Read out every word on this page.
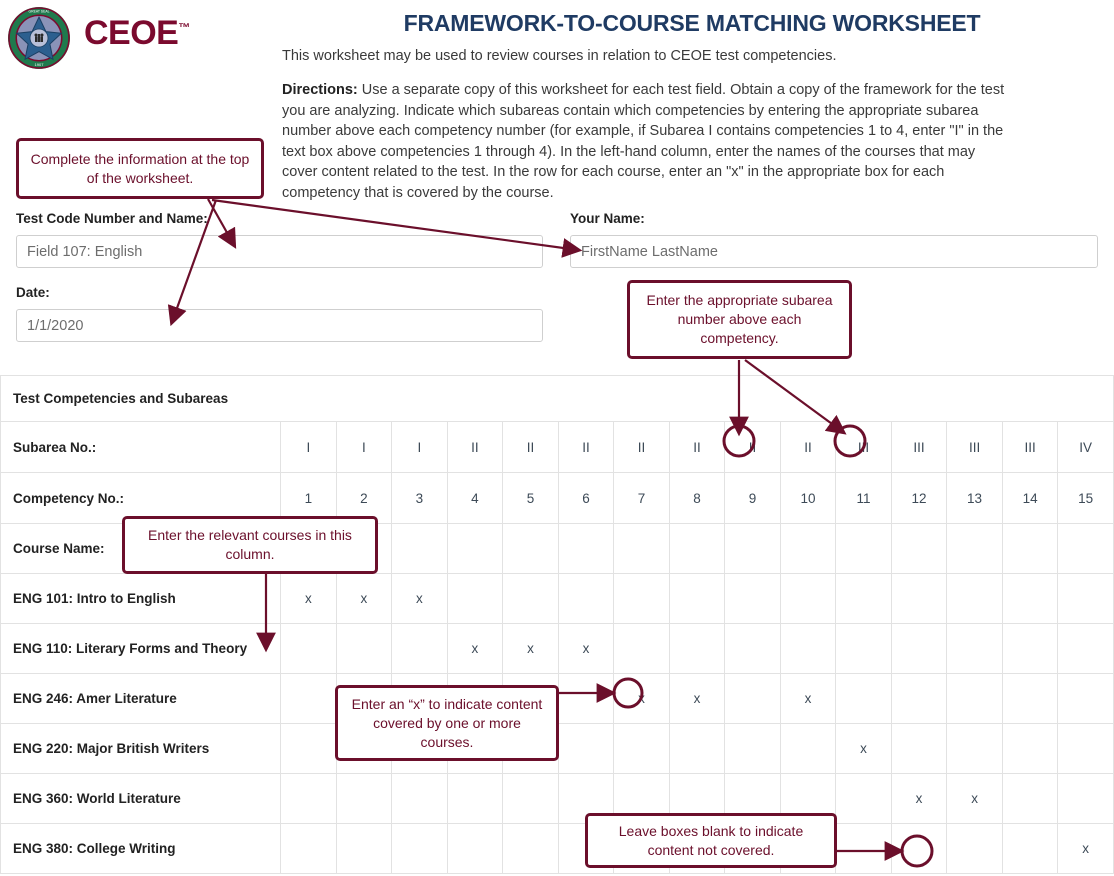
GREAT SEAL
1907
CEOE™	FRAMEWORK-TO-COURSE MATCHING WORKSHEET
This worksheet may be used to review courses in relation to CEOE test competencies.
Directions: Use a separate copy of this worksheet for each test field. Obtain a copy of the framework for the test you are analyzing. Indicate which subareas contain which competencies by entering the appropriate subarea number above each competency number (for example, if Subarea I contains competencies 1 to 4, enter "I" in the text box above competencies 1 through 4). In the left-hand column, enter the names of the courses that may cover content related to the test. In the row for each course, enter an "x" in the appropriate box for each competency that is covered by the course.
Test Code Number and Name:
Field 107: English	Your Name:
FirstName LastName
Date:
1/1/2020
Test Competencies and Subareas															
Subarea No.:	I	I	I	II	II	II	II	II	II	II	III	III	III	III	IV
Competency No.:	1	2	3	4	5	6	7	8	9	10	11	12	13	14	15
Course Name:															
ENG 101: Intro to English	x	x	x												
ENG 110: Literary Forms and Theory				x	x	x									
ENG 246: Amer Literature							x	x		x					
ENG 220: Major British Writers											x				
ENG 360: World Literature												x	x		
ENG 380: College Writing															x
Complete the information at the top of the worksheet.
Enter the appropriate subarea number above each competency.
Enter the relevant courses in this column.
Enter an “x” to indicate content covered by one or more courses.
Leave boxes blank to indicate content not covered.
